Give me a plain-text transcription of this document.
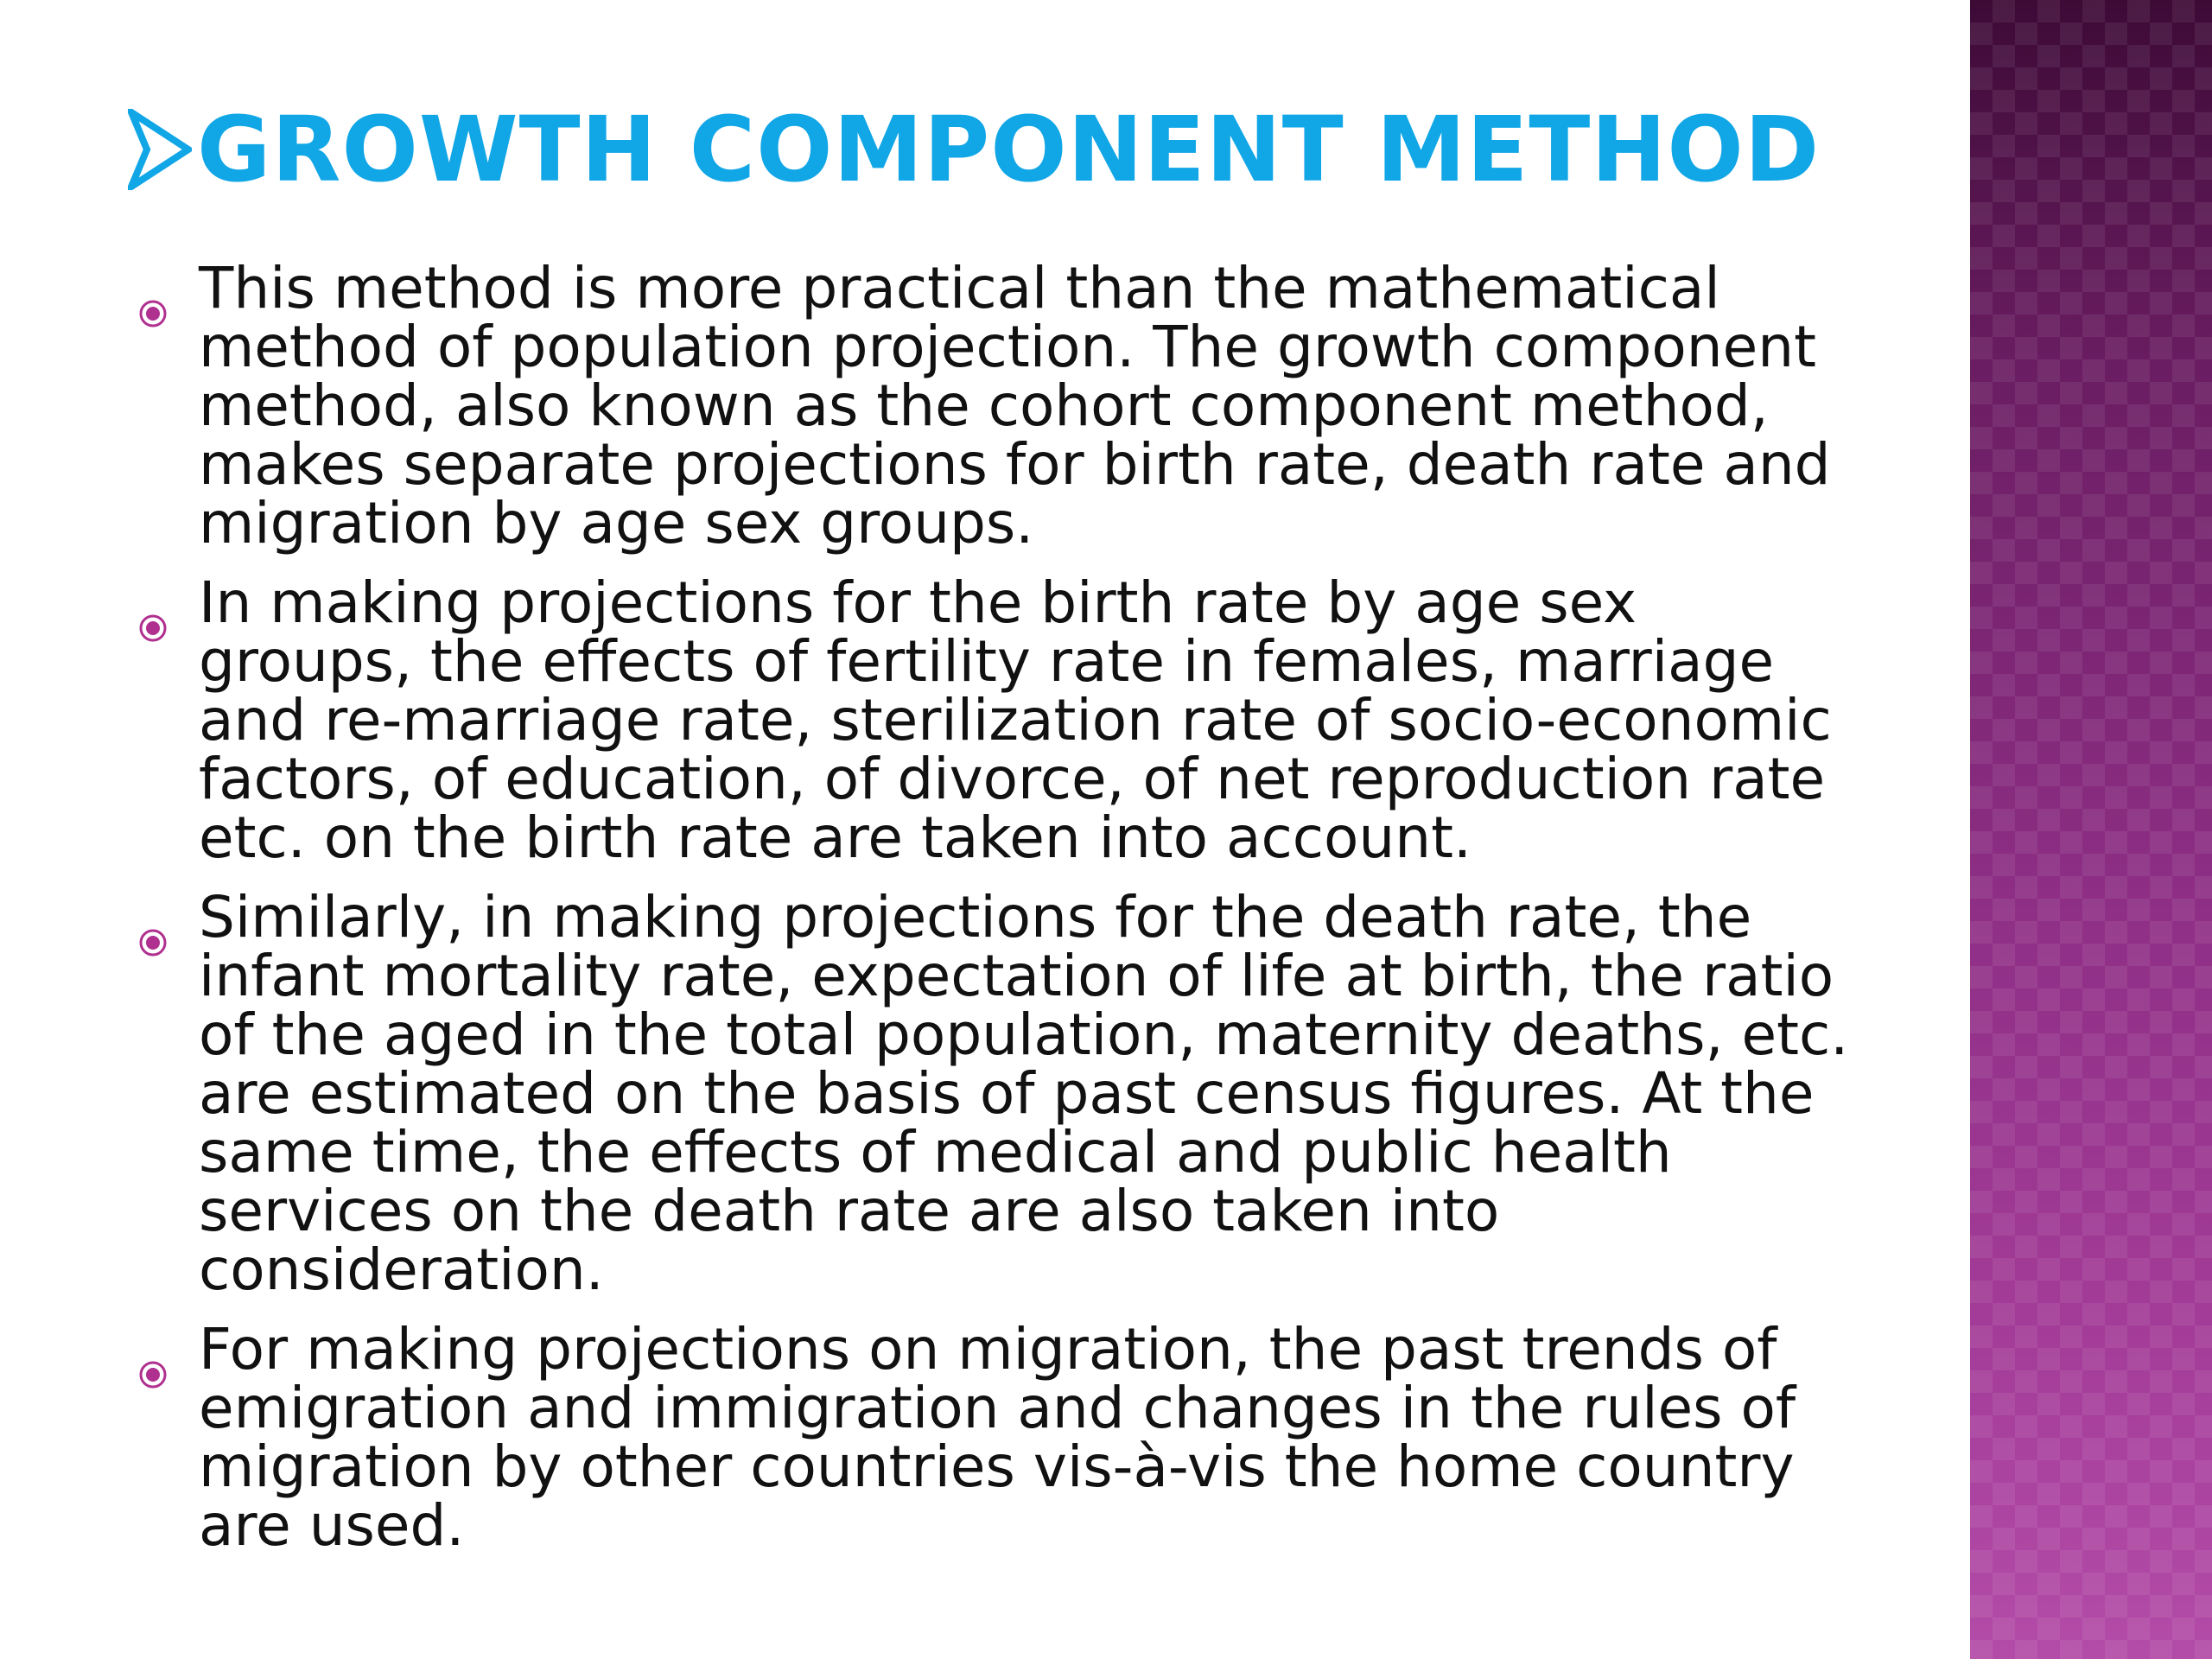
GROWTH COMPONENT METHOD
This method is more practical than the mathematical method of population projection. The growth component method, also known as the cohort component method, makes separate projections for birth rate, death rate and migration by age sex groups.
In making projections for the birth rate by age sex groups, the effects of fertility rate in females, marriage and re-marriage rate, sterilization rate of socio-economic factors, of education, of divorce, of net reproduction rate etc. on the birth rate are taken into account.
Similarly, in making projections for the death rate, the infant mortality rate, expectation of life at birth, the ratio of the aged in the total population, maternity deaths, etc. are estimated on the basis of past census figures. At the same time, the effects of medical and public health services on the death rate are also taken into consideration.
For making projections on migration, the past trends of emigration and immigration and changes in the rules of migration by other countries vis-à-vis the home country are used.
